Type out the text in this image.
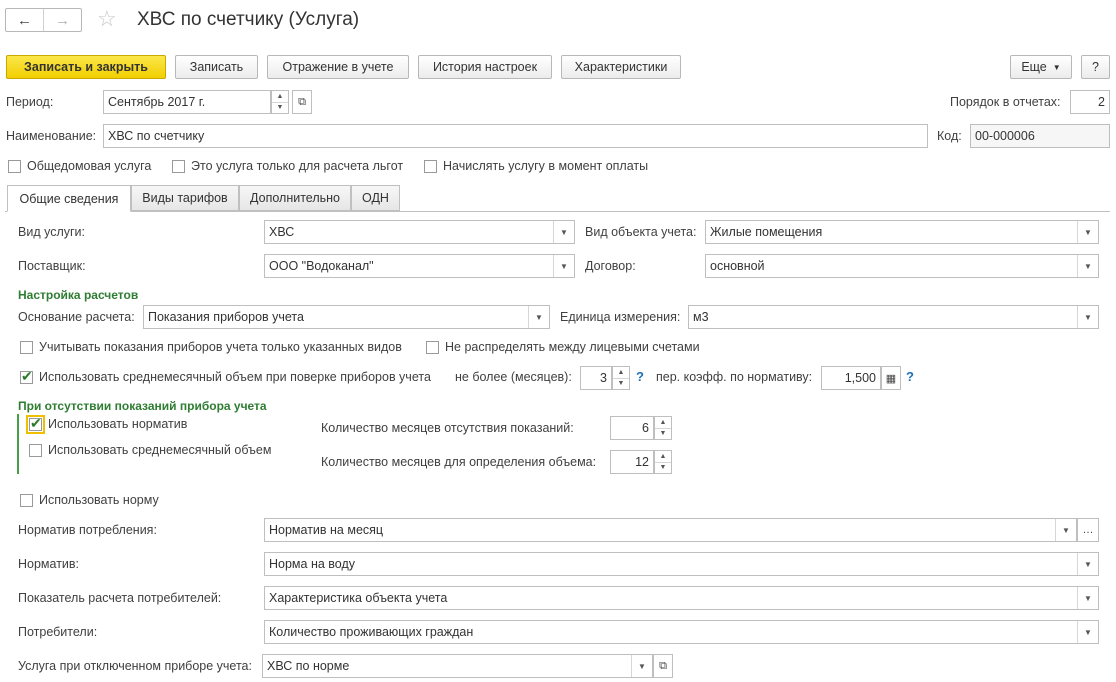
←	→	☆ ХВС по счетчику (Услуга)
Записать и закрыть	Записать	Отражение в учете	История настроек	Характеристики	Еще ▼	?
Период:	Сентябрь 2017 г.	▲
▼	⧉	Порядок в отчетах:	2
Наименование: ХВС по счетчику	Код:	00-000006
Общедомовая услуга	Это услуга только для расчета льгот	Начислять услугу в момент оплаты
Общие сведения	Виды тарифов	Дополнительно	ОДН
Вид услуги:	ХВС	▼	Вид объекта учета: Жилые помещения	▼
Поставщик:	ООО "Водоканал"	▼	Договор:	основной	▼
Настройка расчетов
Основание расчета: Показания приборов учета	▼	Единица измерения: м3	▼
Учитывать показания приборов учета только указанных видов	Не распределять между лицевыми счетами
✔
Использовать среднемесячный объем при поверке приборов учета не более (месяцев):	3	▲
▼ ? пер. коэфф. по нормативу:	1,500 ▦ ?
При отсутствии показаний прибора учета
✔
Использовать норматив
Использовать среднемесячный объем
Количество месяцев отсутствия показаний:	6	▲
▼
Количество месяцев для определения объема:	12	▲
▼
Использовать норму
Норматив потребления:	Норматив на месяц	▼	…
Норматив:	Норма на воду	▼
Показатель расчета потребителей:	Характеристика объекта учета	▼
Потребители:	Количество проживающих граждан	▼
Услуга при отключенном приборе учета: ХВС по норме	▼	⧉
